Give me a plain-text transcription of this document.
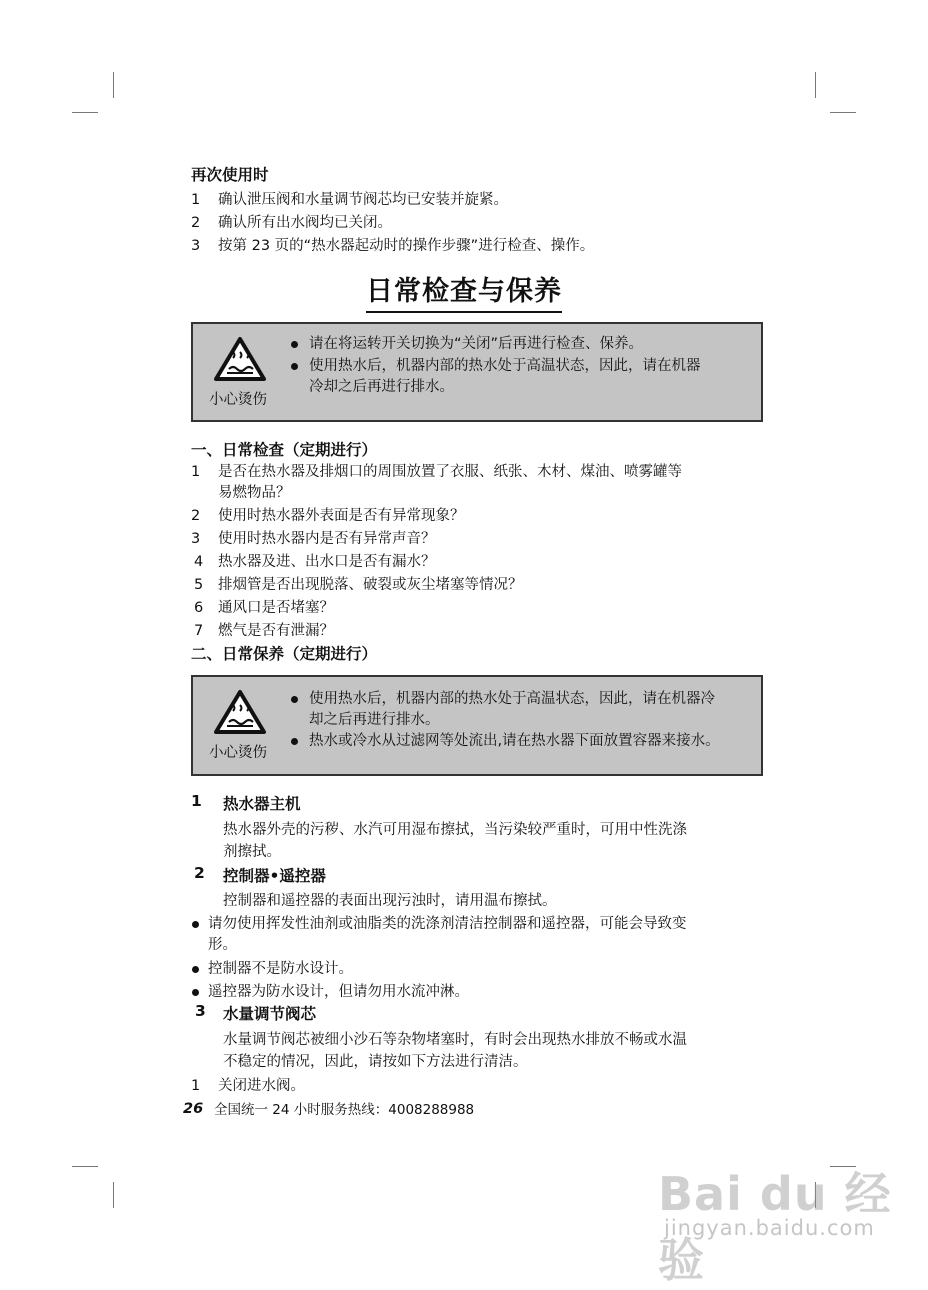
再次使用时
1 确认泄压阀和水量调节阀芯均已安装并旋紧。
2 确认所有出水阀均已关闭。
3 按第 23 页的“热水器起动时的操作步骤”进行检查、操作。
日常检查与保养
小心烫伤
请在将运转开关切换为“关闭”后再进行检查、保养。
使用热水后，机器内部的热水处于高温状态，因此，请在机器
冷却之后再进行排水。
一、日常检查（定期进行）
1 是否在热水器及排烟口的周围放置了衣服、纸张、木材、煤油、喷雾罐等
易燃物品？
2 使用时热水器外表面是否有异常现象？
3 使用时热水器内是否有异常声音？
4 热水器及进、出水口是否有漏水？
5 排烟管是否出现脱落、破裂或灰尘堵塞等情况？
6 通风口是否堵塞？
7 燃气是否有泄漏？
二、日常保养（定期进行）
小心烫伤
使用热水后，机器内部的热水处于高温状态，因此，请在机器冷
却之后再进行排水。
热水或冷水从过滤网等处流出,请在热水器下面放置容器来接水。
1 热水器主机
热水器外壳的污秽、水汽可用湿布擦拭，当污染较严重时，可用中性洗涤
剂擦拭。
2 控制器•遥控器
控制器和遥控器的表面出现污浊时，请用温布擦拭。
请勿使用挥发性油剂或油脂类的洗涤剂清洁控制器和遥控器，可能会导致变
形。
控制器不是防水设计。
遥控器为防水设计，但请勿用水流冲淋。
3 水量调节阀芯
水量调节阀芯被细小沙石等杂物堵塞时，有时会出现热水排放不畅或水温
不稳定的情况，因此，请按如下方法进行清洁。
1 关闭进水阀。
26 全国统一 24 小时服务热线：4008288988
Bai du 经验
jingyan.baidu.com
